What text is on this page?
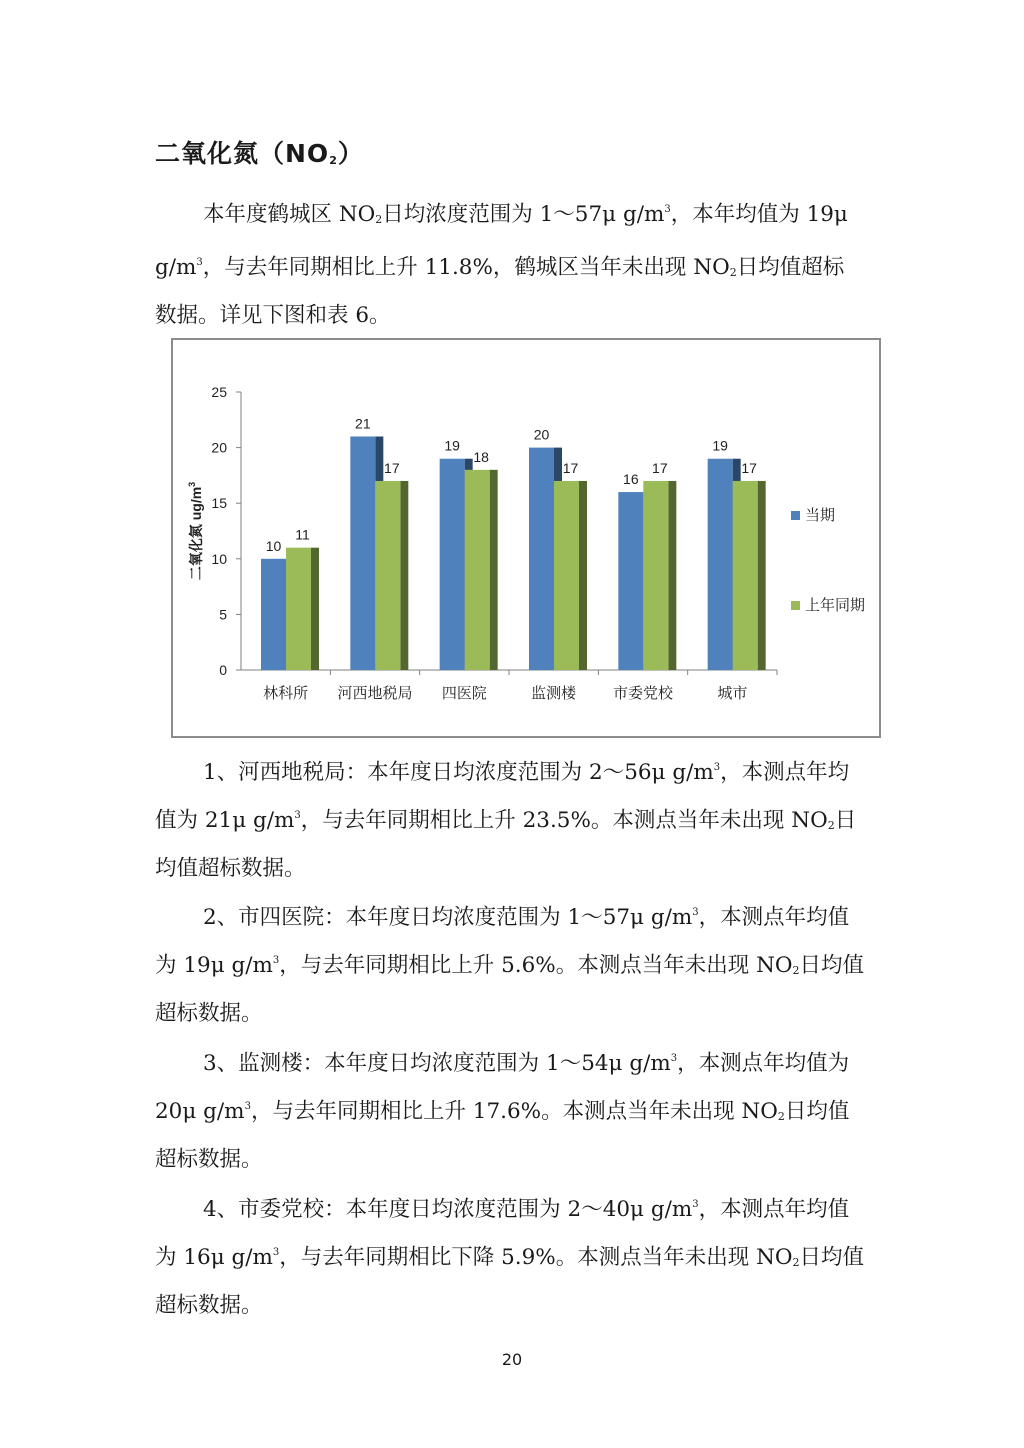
二氧化氮（NO2）

本年度鹤城区 NO2日均浓度范围为 1～57μ $g/m^3$，本年均值为 19μ $g/m^3$，与去年同期相比上升 11.8%，鹤城区当年未出现 NO2日均值超标数据。详见下图和表 6。

0
5
10
15
20
25
二氧化氮 $ug/m^3$
10
11
林科所
21
17
河西地税局
19
18
四医院
20
17
监测楼
16
17
市委党校
19
17
城市
当期
上年同期

1、河西地税局：本年度日均浓度范围为 2～56μ $g/m^3$，本测点年均值为 21μ $g/m^3$，与去年同期相比上升 23.5%。本测点当年未出现 NO2日均值超标数据。

2、市四医院：本年度日均浓度范围为 1～57μ $g/m^3$，本测点年均值为 19μ $g/m^3$，与去年同期相比上升 5.6%。本测点当年未出现 NO2日均值超标数据。

3、监测楼：本年度日均浓度范围为 1～54μ $g/m^3$，本测点年均值为 20μ $g/m^3$，与去年同期相比上升 17.6%。本测点当年未出现 NO2日均值超标数据。

4、市委党校：本年度日均浓度范围为 2～40μ $g/m^3$，本测点年均值为 16μ $g/m^3$，与去年同期相比下降 5.9%。本测点当年未出现 NO2日均值超标数据。

20
